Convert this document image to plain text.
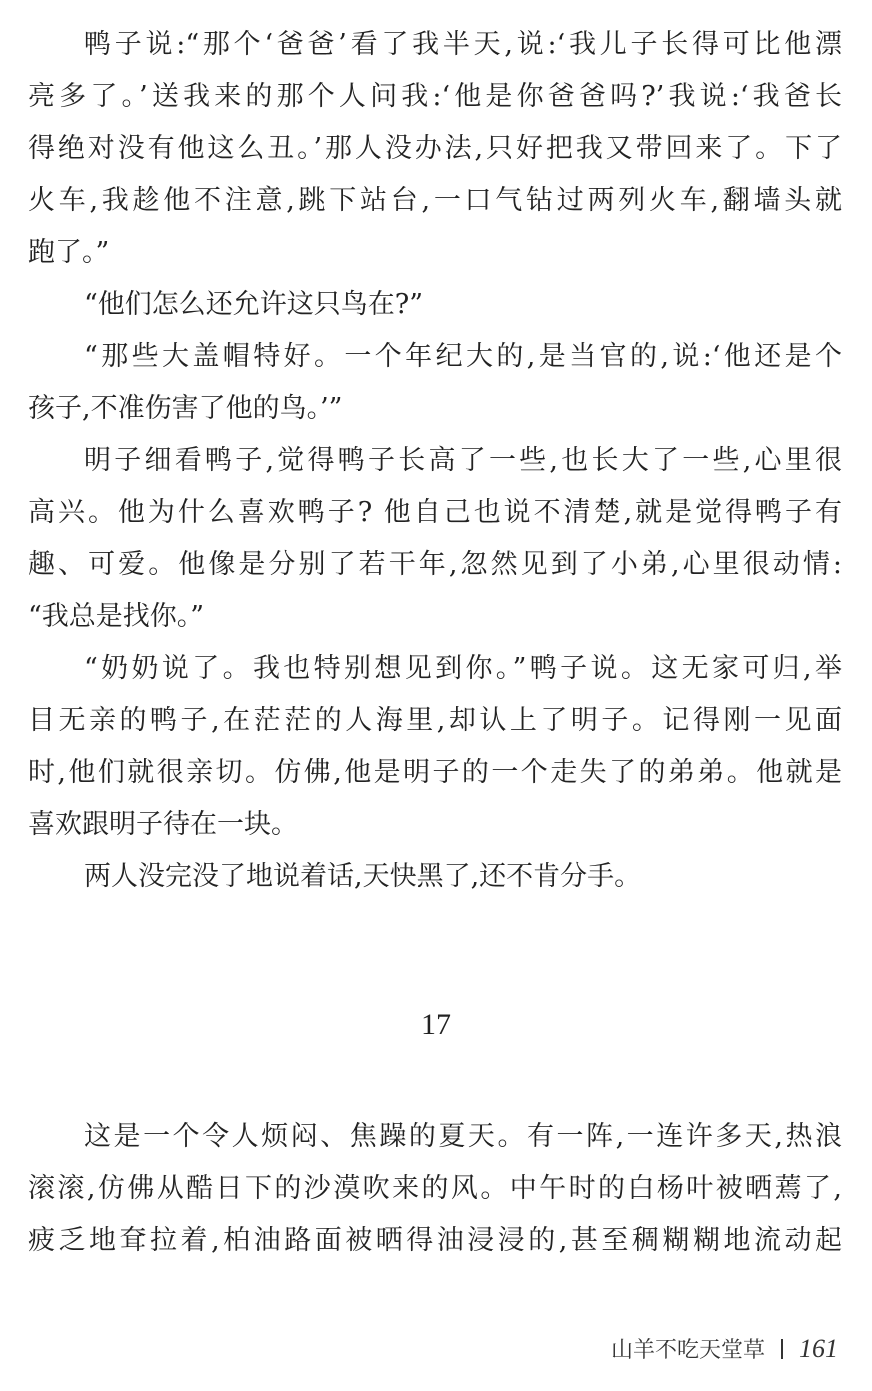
鸭子说:“那个‘爸爸’看了我半天,说:‘我儿子长得可比他漂
亮多了。’送我来的那个人问我:‘他是你爸爸吗?’我说:‘我爸长
得绝对没有他这么丑。’那人没办法,只好把我又带回来了。下了
火车,我趁他不注意,跳下站台,一口气钻过两列火车,翻墙头就
跑了。”
“他们怎么还允许这只鸟在?”
“那些大盖帽特好。一个年纪大的,是当官的,说:‘他还是个
孩子,不准伤害了他的鸟。’”
明子细看鸭子,觉得鸭子长高了一些,也长大了一些,心里很
高兴。他为什么喜欢鸭子? 他自己也说不清楚,就是觉得鸭子有
趣、可爱。他像是分别了若干年,忽然见到了小弟,心里很动情:
“我总是找你。”
“奶奶说了。我也特别想见到你。”鸭子说。这无家可归,举
目无亲的鸭子,在茫茫的人海里,却认上了明子。记得刚一见面
时,他们就很亲切。仿佛,他是明子的一个走失了的弟弟。他就是
喜欢跟明子待在一块。
两人没完没了地说着话,天快黑了,还不肯分手。
17
这是一个令人烦闷、焦躁的夏天。有一阵,一连许多天,热浪
滚滚,仿佛从酷日下的沙漠吹来的风。中午时的白杨叶被晒蔫了,
疲乏地耷拉着,柏油路面被晒得油浸浸的,甚至稠糊糊地流动起
山羊不吃天堂草 161
